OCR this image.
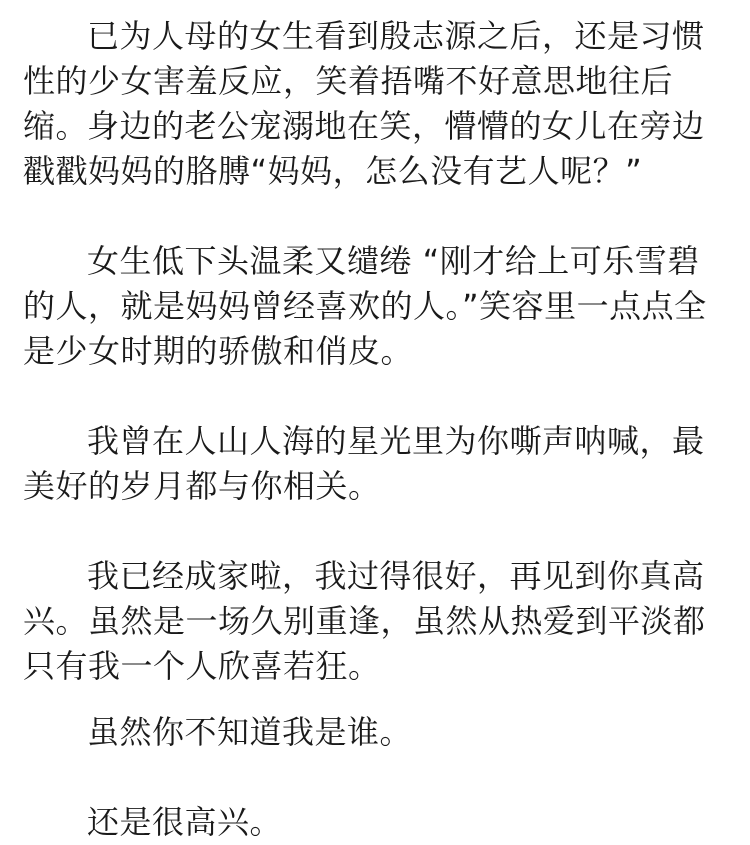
已为人母的女生看到殷志源之后，还是习惯性的少女害羞反应，笑着捂嘴不好意思地往后缩。

身边的老公宠溺地在笑，懵懵的女儿在旁边戳戳妈妈的胳膊“妈妈，怎么没有艺人呢？”

女生低下头温柔又缱绻 “刚才给上可乐雪碧的人，就是妈妈曾经喜欢的人。”笑容里一点点全是少女时期的骄傲和俏皮。

我曾在人山人海的星光里为你嘶声呐喊，最美好的岁月都与你相关。

我已经成家啦，我过得很好，再见到你真高兴。虽然是一场久别重逢，虽然从热爱到平淡都只有我一个人欣喜若狂。

虽然你不知道我是谁。

还是很高兴。
